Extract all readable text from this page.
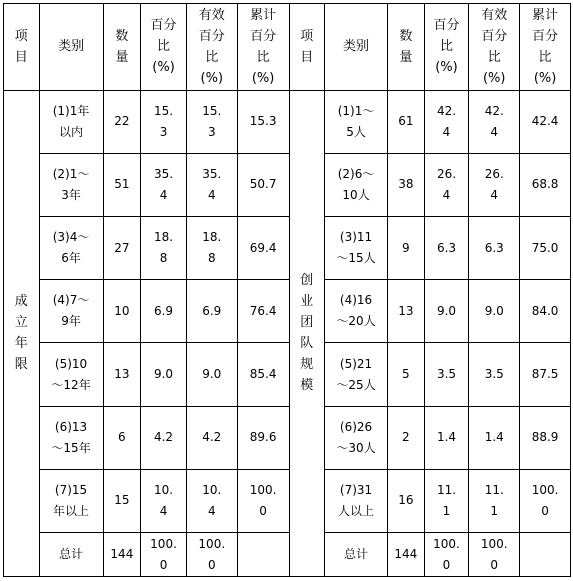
项目	类别	数量	百分比(%)	有效百分比(%)	累计百分比(%)	项目	类别	数量	百分比(%)	有效百分比(%)	累计百分比(%)
成立年限	(1)1年以内	22	15.3	15.3	15.3	创业团队规模	(1)1～5人	61	42.4	42.4	42.4
	(2)1～3年	51	35.4	35.4	50.7		(2)6～10人	38	26.4	26.4	68.8
	(3)4～6年	27	18.8	18.8	69.4		(3)11～15人	9	6.3	6.3	75.0
	(4)7～9年	10	6.9	6.9	76.4		(4)16～20人	13	9.0	9.0	84.0
	(5)10～12年	13	9.0	9.0	85.4		(5)21～25人	5	3.5	3.5	87.5
	(6)13～15年	6	4.2	4.2	89.6		(6)26～30人	2	1.4	1.4	88.9
	(7)15年以上	15	10.4	10.4	100.0		(7)31人以上	16	11.1	11.1	100.0
	总计	144	100.0	100.0			总计	144	100.0	100.0	
